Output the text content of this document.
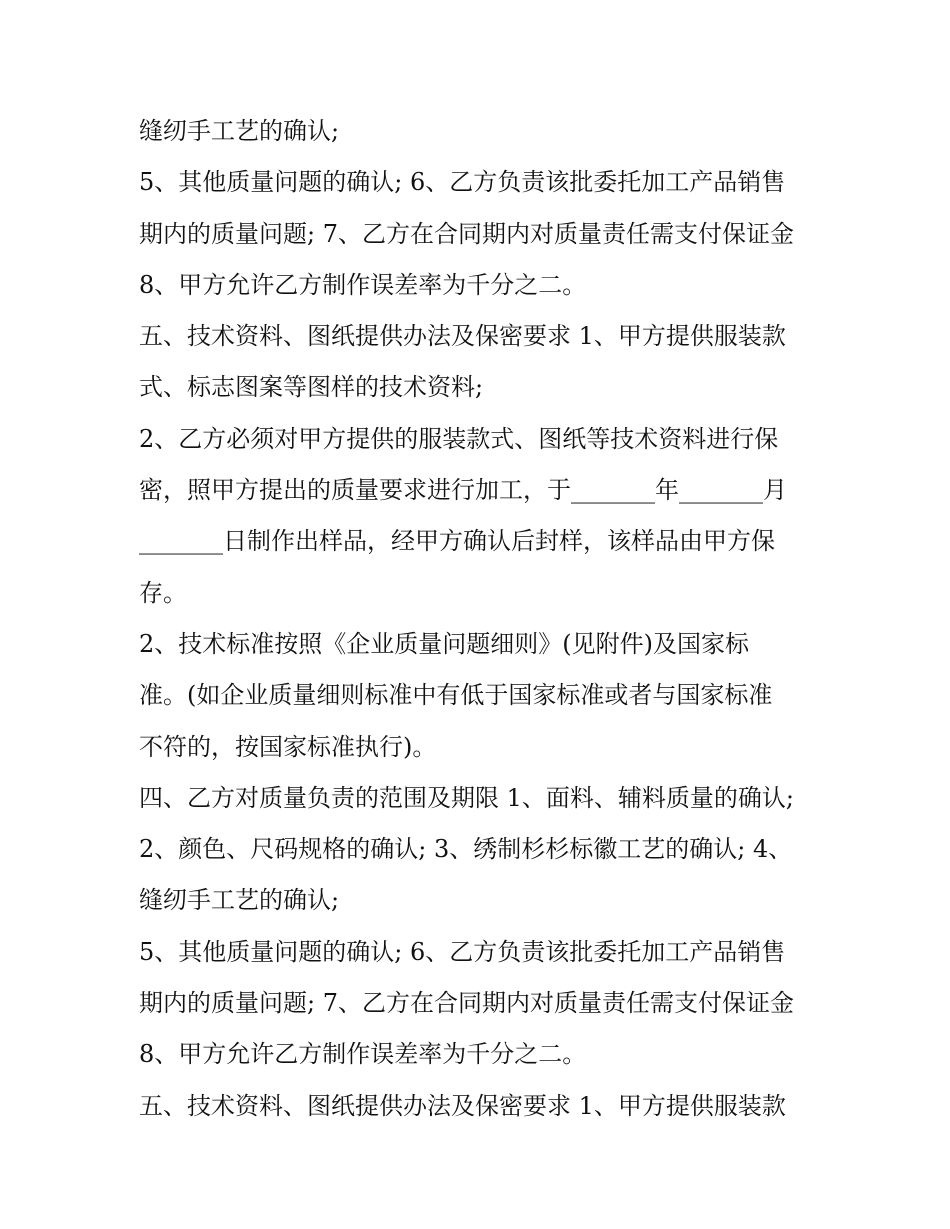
缝纫手工艺的确认;
5、其他质量问题的确认; 6、乙方负责该批委托加工产品销售
期内的质量问题; 7、乙方在合同期内对质量责任需支付保证金
8、甲方允许乙方制作误差率为千分之二。
五、技术资料、图纸提供办法及保密要求 1、甲方提供服装款
式、标志图案等图样的技术资料;
2、乙方必须对甲方提供的服装款式、图纸等技术资料进行保
密，照甲方提出的质量要求进行加工，于_______年_______月
_______日制作出样品，经甲方确认后封样，该样品由甲方保
存。
2、技术标准按照《企业质量问题细则》(见附件)及国家标
准。(如企业质量细则标准中有低于国家标准或者与国家标准
不符的，按国家标准执行)。
四、乙方对质量负责的范围及期限 1、面料、辅料质量的确认;
2、颜色、尺码规格的确认; 3、绣制杉杉标徽工艺的确认; 4、
缝纫手工艺的确认;
5、其他质量问题的确认; 6、乙方负责该批委托加工产品销售
期内的质量问题; 7、乙方在合同期内对质量责任需支付保证金
8、甲方允许乙方制作误差率为千分之二。
五、技术资料、图纸提供办法及保密要求 1、甲方提供服装款
